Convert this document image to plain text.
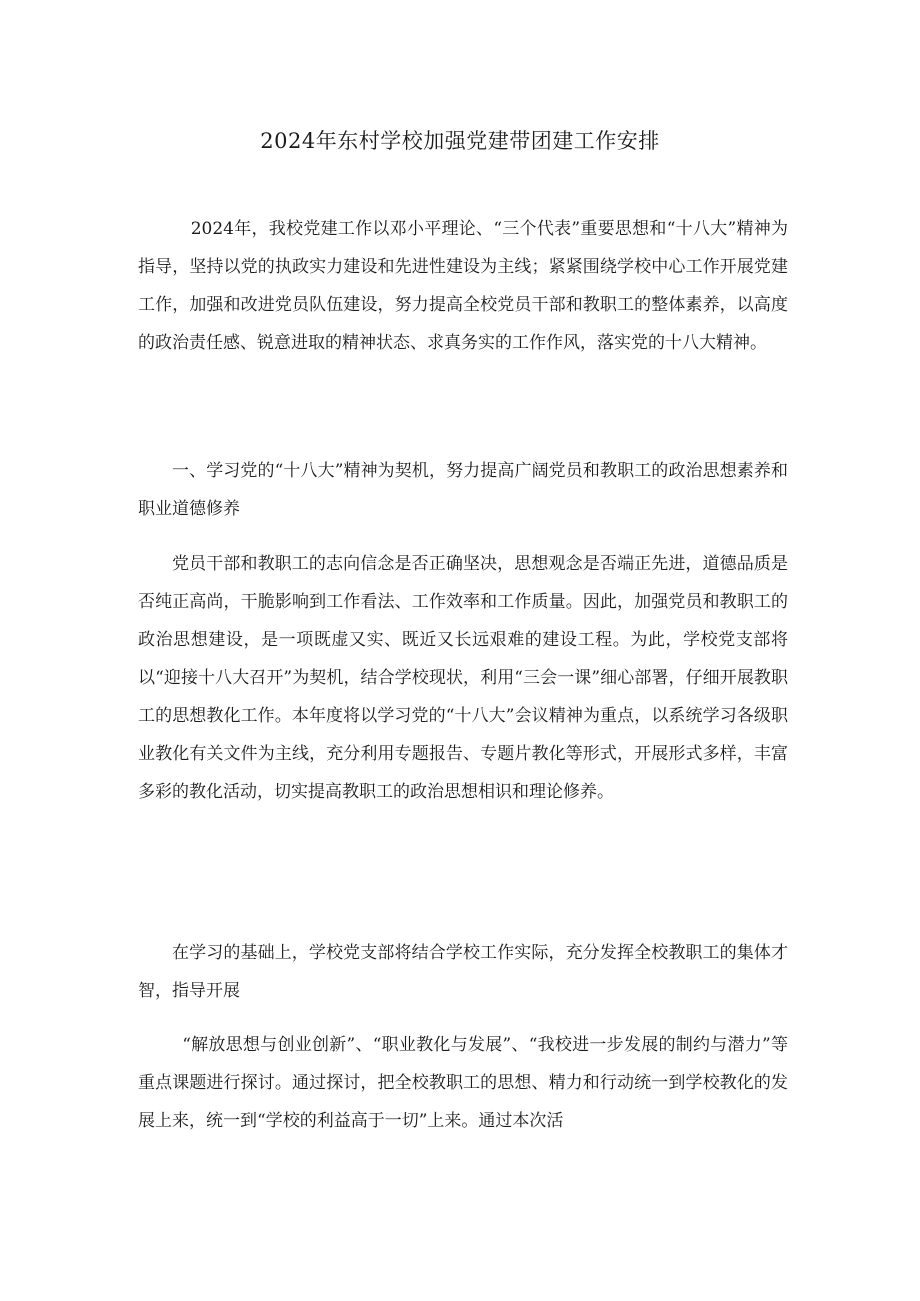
2024年东村学校加强党建带团建工作安排

2024年，我校党建工作以邓小平理论、“三个代表”重要思想和“十八大”精神为指导，坚持以党的执政实力建设和先进性建设为主线；紧紧围绕学校中心工作开展党建工作，加强和改进党员队伍建设，努力提高全校党员干部和教职工的整体素养，以高度的政治责任感、锐意进取的精神状态、求真务实的工作作风，落实党的十八大精神。

一、学习党的“十八大”精神为契机，努力提高广阔党员和教职工的政治思想素养和职业道德修养

党员干部和教职工的志向信念是否正确坚决，思想观念是否端正先进，道德品质是否纯正高尚，干脆影响到工作看法、工作效率和工作质量。因此，加强党员和教职工的政治思想建设，是一项既虚又实、既近又长远艰难的建设工程。为此，学校党支部将以“迎接十八大召开”为契机，结合学校现状，利用“三会一课”细心部署，仔细开展教职工的思想教化工作。本年度将以学习党的“十八大”会议精神为重点，以系统学习各级职业教化有关文件为主线，充分利用专题报告、专题片教化等形式，开展形式多样，丰富多彩的教化活动，切实提高教职工的政治思想相识和理论修养。

在学习的基础上，学校党支部将结合学校工作实际，充分发挥全校教职工的集体才智，指导开展

“解放思想与创业创新”、“职业教化与发展”、“我校进一步发展的制约与潜力”等重点课题进行探讨。通过探讨，把全校教职工的思想、精力和行动统一到学校教化的发展上来，统一到“学校的利益高于一切”上来。通过本次活
